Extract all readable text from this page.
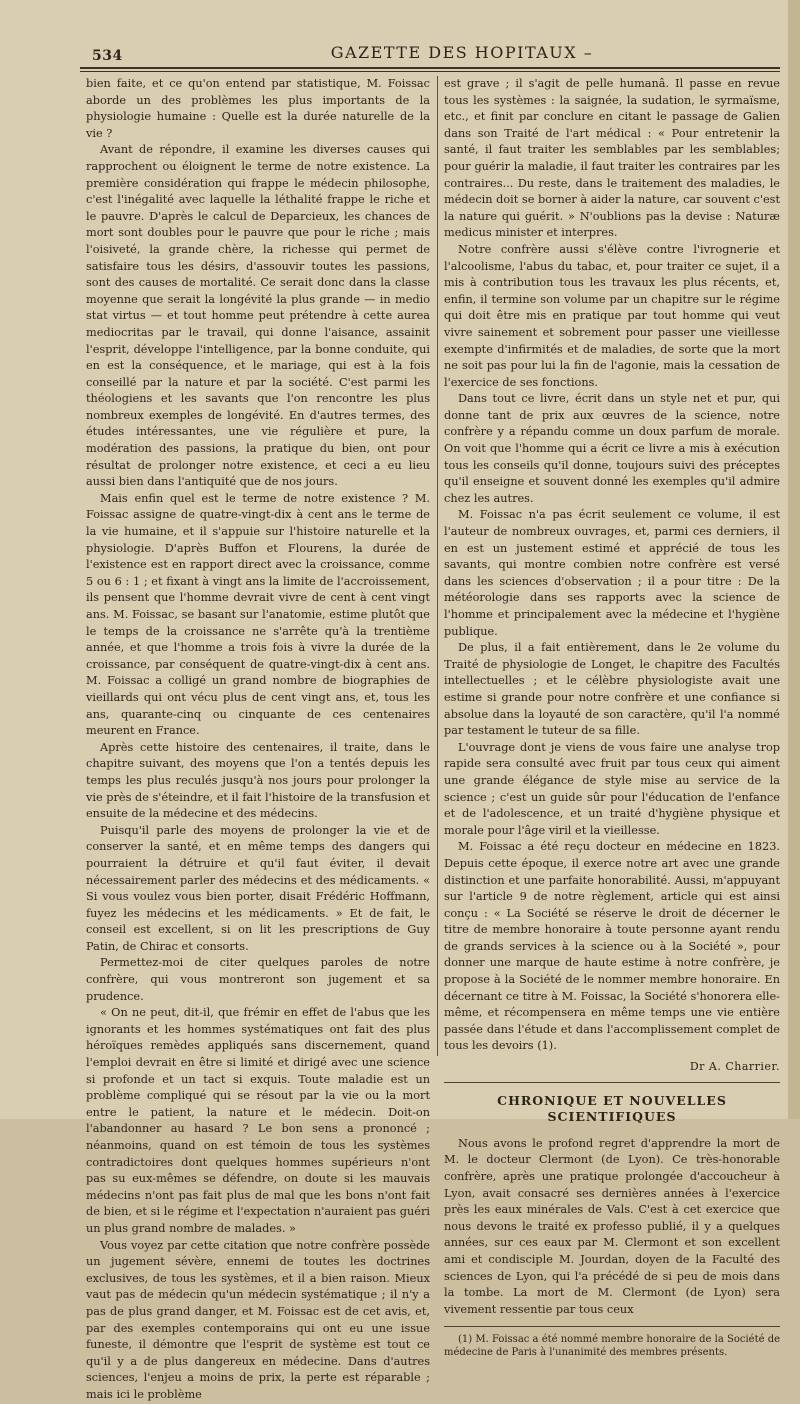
534	GAZETTE DES HOPITAUX –

bien faite, et ce qu'on entend par statistique, M. Foissac aborde un des problèmes les plus importants de la physiologie humaine : Quelle est la durée naturelle de la vie ?

Avant de répondre, il examine les diverses causes qui rapprochent ou éloignent le terme de notre existence. La première considération qui frappe le médecin philosophe, c'est l'inégalité avec laquelle la léthalité frappe le riche et le pauvre. D'après le calcul de Deparcieux, les chances de mort sont doubles pour le pauvre que pour le riche ; mais l'oisiveté, la grande chère, la richesse qui permet de satisfaire tous les désirs, d'assouvir toutes les passions, sont des causes de mortalité. Ce serait donc dans la classe moyenne que serait la longévité la plus grande — in medio stat virtus — et tout homme peut prétendre à cette aurea mediocritas par le travail, qui donne l'aisance, assainit l'esprit, développe l'intelligence, par la bonne conduite, qui en est la conséquence, et le mariage, qui est à la fois conseillé par la nature et par la société. C'est parmi les théologiens et les savants que l'on rencontre les plus nombreux exemples de longévité. En d'autres termes, des études intéressantes, une vie régulière et pure, la modération des passions, la pratique du bien, ont pour résultat de prolonger notre existence, et ceci a eu lieu aussi bien dans l'antiquité que de nos jours.

Mais enfin quel est le terme de notre existence ? M. Foissac assigne de quatre-vingt-dix à cent ans le terme de la vie humaine, et il s'appuie sur l'histoire naturelle et la physiologie. D'après Buffon et Flourens, la durée de l'existence est en rapport direct avec la croissance, comme 5 ou 6 : 1 ; et fixant à vingt ans la limite de l'accroissement, ils pensent que l'homme devrait vivre de cent à cent vingt ans. M. Foissac, se basant sur l'anatomie, estime plutôt que le temps de la croissance ne s'arrête qu'à la trentième année, et que l'homme a trois fois à vivre la durée de la croissance, par conséquent de quatre-vingt-dix à cent ans. M. Foissac a colligé un grand nombre de biographies de vieillards qui ont vécu plus de cent vingt ans, et, tous les ans, quarante-cinq ou cinquante de ces centenaires meurent en France.

Après cette histoire des centenaires, il traite, dans le chapitre suivant, des moyens que l'on a tentés depuis les temps les plus reculés jusqu'à nos jours pour prolonger la vie près de s'éteindre, et il fait l'histoire de la transfusion et ensuite de la médecine et des médecins.

Puisqu'il parle des moyens de prolonger la vie et de conserver la santé, et en même temps des dangers qui pourraient la détruire et qu'il faut éviter, il devait nécessairement parler des médecins et des médicaments. « Si vous voulez vous bien porter, disait Frédéric Hoffmann, fuyez les médecins et les médicaments. » Et de fait, le conseil est excellent, si on lit les prescriptions de Guy Patin, de Chirac et consorts.

Permettez-moi de citer quelques paroles de notre confrère, qui vous montreront son jugement et sa prudence.

« On ne peut, dit-il, que frémir en effet de l'abus que les ignorants et les hommes systématiques ont fait des plus héroïques remèdes appliqués sans discernement, quand l'emploi devrait en être si limité et dirigé avec une science si profonde et un tact si exquis. Toute maladie est un problème compliqué qui se résout par la vie ou la mort entre le patient, la nature et le médecin. Doit-on l'abandonner au hasard ? Le bon sens a prononcé ; néanmoins, quand on est témoin de tous les systèmes contradictoires dont quelques hommes supérieurs n'ont pas su eux-mêmes se défendre, on doute si les mauvais médecins n'ont pas fait plus de mal que les bons n'ont fait de bien, et si le régime et l'expectation n'auraient pas guéri un plus grand nombre de malades. »

Vous voyez par cette citation que notre confrère possède un jugement sévère, ennemi de toutes les doctrines exclusives, de tous les systèmes, et il a bien raison. Mieux vaut pas de médecin qu'un médecin systématique ; il n'y a pas de plus grand danger, et M. Foissac est de cet avis, et, par des exemples contemporains qui ont eu une issue funeste, il démontre que l'esprit de système est tout ce qu'il y a de plus dangereux en médecine. Dans d'autres sciences, l'enjeu a moins de prix, la perte est réparable ; mais ici le problème

est grave ; il s'agit de pelle humanâ. Il passe en revue tous les systèmes : la saignée, la sudation, le syrmaïsme, etc., et finit par conclure en citant le passage de Galien dans son Traité de l'art médical : « Pour entretenir la santé, il faut traiter les semblables par les semblables; pour guérir la maladie, il faut traiter les contraires par les contraires... Du reste, dans le traitement des maladies, le médecin doit se borner à aider la nature, car souvent c'est la nature qui guérit. » N'oublions pas la devise : Naturæ medicus minister et interpres.

Notre confrère aussi s'élève contre l'ivrognerie et l'alcoolisme, l'abus du tabac, et, pour traiter ce sujet, il a mis à contribution tous les travaux les plus récents, et, enfin, il termine son volume par un chapitre sur le régime qui doit être mis en pratique par tout homme qui veut vivre sainement et sobrement pour passer une vieillesse exempte d'infirmités et de maladies, de sorte que la mort ne soit pas pour lui la fin de l'agonie, mais la cessation de l'exercice de ses fonctions.

Dans tout ce livre, écrit dans un style net et pur, qui donne tant de prix aux œuvres de la science, notre confrère y a répandu comme un doux parfum de morale. On voit que l'homme qui a écrit ce livre a mis à exécution tous les conseils qu'il donne, toujours suivi des préceptes qu'il enseigne et souvent donné les exemples qu'il admire chez les autres.

M. Foissac n'a pas écrit seulement ce volume, il est l'auteur de nombreux ouvrages, et, parmi ces derniers, il en est un justement estimé et apprécié de tous les savants, qui montre combien notre confrère est versé dans les sciences d'observation ; il a pour titre : De la météorologie dans ses rapports avec la science de l'homme et principalement avec la médecine et l'hygiène publique.

De plus, il a fait entièrement, dans le 2e volume du Traité de physiologie de Longet, le chapitre des Facultés intellectuelles ; et le célèbre physiologiste avait une estime si grande pour notre confrère et une confiance si absolue dans la loyauté de son caractère, qu'il l'a nommé par testament le tuteur de sa fille.

L'ouvrage dont je viens de vous faire une analyse trop rapide sera consulté avec fruit par tous ceux qui aiment une grande élégance de style mise au service de la science ; c'est un guide sûr pour l'éducation de l'enfance et de l'adolescence, et un traité d'hygiène physique et morale pour l'âge viril et la vieillesse.

M. Foissac a été reçu docteur en médecine en 1823. Depuis cette époque, il exerce notre art avec une grande distinction et une parfaite honorabilité. Aussi, m'appuyant sur l'article 9 de notre règlement, article qui est ainsi conçu : « La Société se réserve le droit de décerner le titre de membre honoraire à toute personne ayant rendu de grands services à la science ou à la Société », pour donner une marque de haute estime à notre confrère, je propose à la Société de le nommer membre honoraire. En décernant ce titre à M. Foissac, la Société s'honorera elle-même, et récompensera en même temps une vie entière passée dans l'étude et dans l'accomplissement complet de tous les devoirs (1).

Dr A. Charrier.
CHRONIQUE ET NOUVELLES SCIENTIFIQUES

Nous avons le profond regret d'apprendre la mort de M. le docteur Clermont (de Lyon). Ce très-honorable confrère, après une pratique prolongée d'accoucheur à Lyon, avait consacré ses dernières années à l'exercice près les eaux minérales de Vals. C'est à cet exercice que nous devons le traité ex professo publié, il y a quelques années, sur ces eaux par M. Clermont et son excellent ami et condisciple M. Jourdan, doyen de la Faculté des sciences de Lyon, qui l'a précédé de si peu de mois dans la tombe. La mort de M. Clermont (de Lyon) sera vivement ressentie par tous ceux

(1) M. Foissac a été nommé membre honoraire de la Société de médecine de Paris à l'unanimité des membres présents.
